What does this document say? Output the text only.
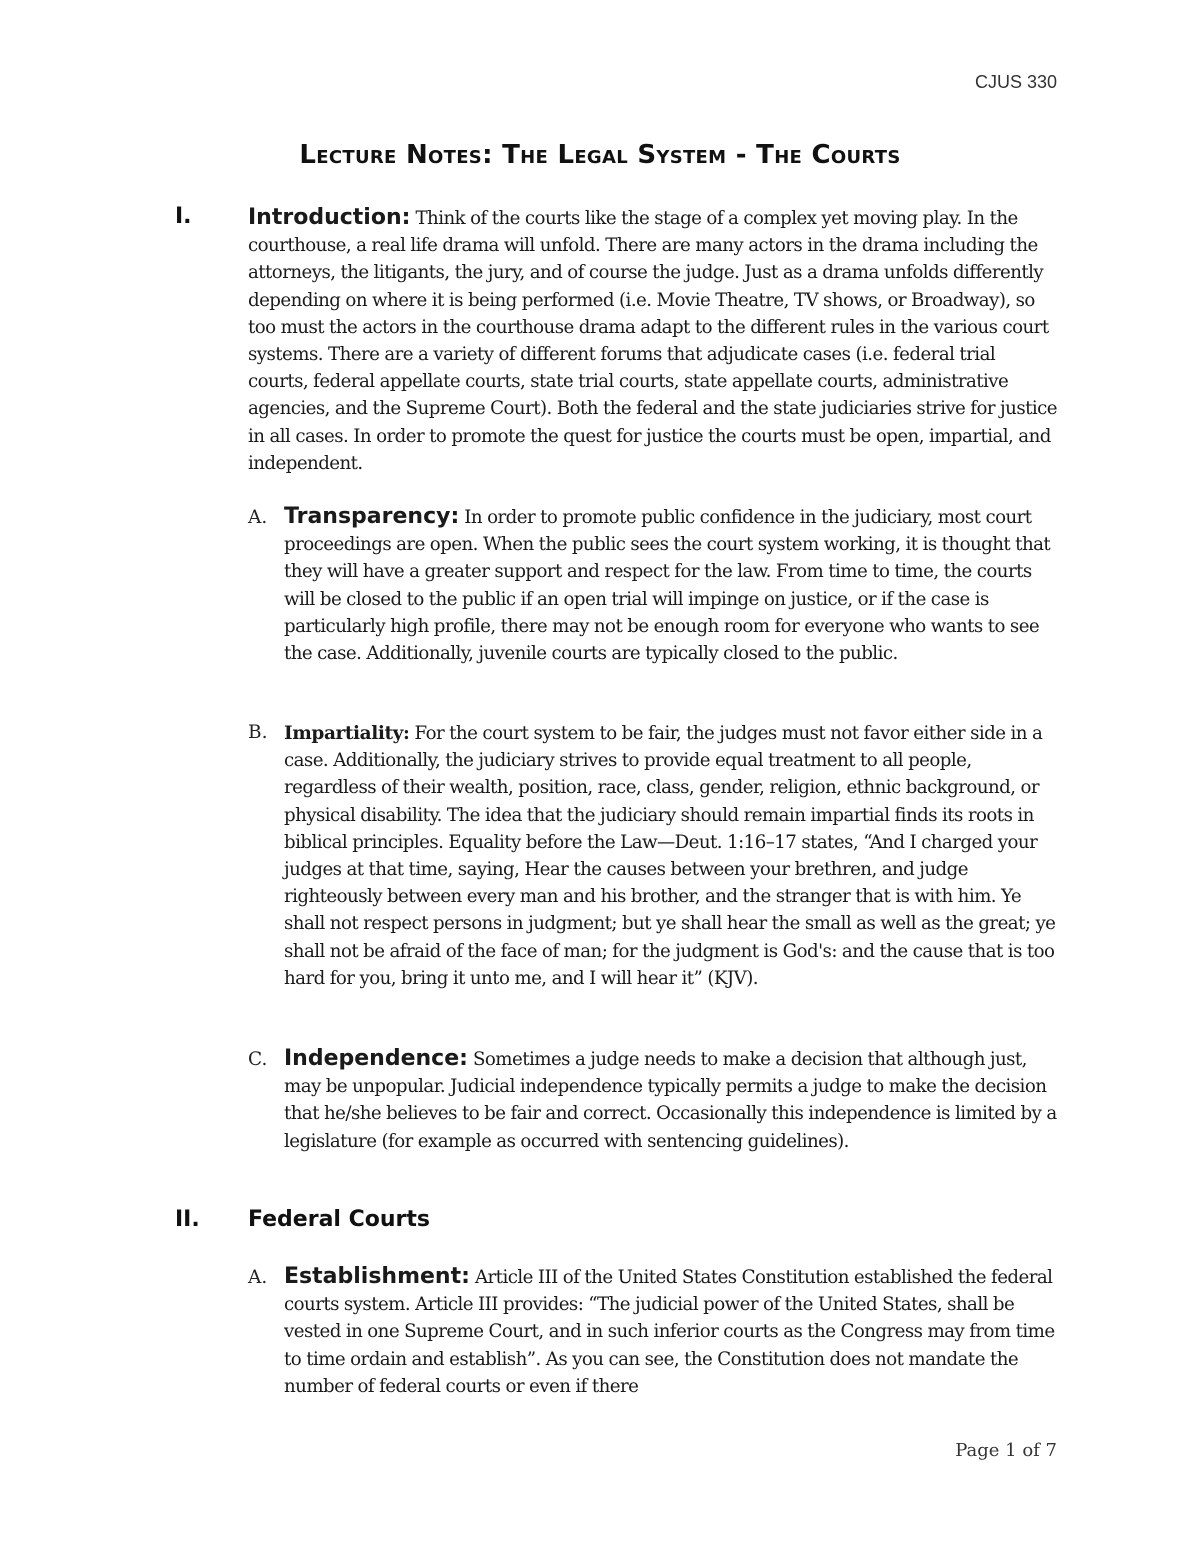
CJUS 330
Lecture Notes: The Legal System - The Courts
I.	Introduction: Think of the courts like the stage of a complex yet moving play. In the courthouse, a real life drama will unfold. There are many actors in the drama including the attorneys, the litigants, the jury, and of course the judge. Just as a drama unfolds differently depending on where it is being performed (i.e. Movie Theatre, TV shows, or Broadway), so too must the actors in the courthouse drama adapt to the different rules in the various court systems. There are a variety of different forums that adjudicate cases (i.e. federal trial courts, federal appellate courts, state trial courts, state appellate courts, administrative agencies, and the Supreme Court). Both the federal and the state judiciaries strive for justice in all cases. In order to promote the quest for justice the courts must be open, impartial, and independent.
A. Transparency: In order to promote public confidence in the judiciary, most court proceedings are open. When the public sees the court system working, it is thought that they will have a greater support and respect for the law. From time to time, the courts will be closed to the public if an open trial will impinge on justice, or if the case is particularly high profile, there may not be enough room for everyone who wants to see the case. Additionally, juvenile courts are typically closed to the public.
B. Impartiality: For the court system to be fair, the judges must not favor either side in a case. Additionally, the judiciary strives to provide equal treatment to all people, regardless of their wealth, position, race, class, gender, religion, ethnic background, or physical disability. The idea that the judiciary should remain impartial finds its roots in biblical principles. Equality before the Law—Deut. 1:16–17 states, “And I charged your judges at that time, saying, Hear the causes between your brethren, and judge righteously between every man and his brother, and the stranger that is with him. Ye shall not respect persons in judgment; but ye shall hear the small as well as the great; ye shall not be afraid of the face of man; for the judgment is God's: and the cause that is too hard for you, bring it unto me, and I will hear it” (KJV).
C. Independence: Sometimes a judge needs to make a decision that although just, may be unpopular. Judicial independence typically permits a judge to make the decision that he/she believes to be fair and correct. Occasionally this independence is limited by a legislature (for example as occurred with sentencing guidelines).
II. Federal Courts
A. Establishment: Article III of the United States Constitution established the federal courts system. Article III provides: “The judicial power of the United States, shall be vested in one Supreme Court, and in such inferior courts as the Congress may from time to time ordain and establish”. As you can see, the Constitution does not mandate the number of federal courts or even if there
Page 1 of 7
